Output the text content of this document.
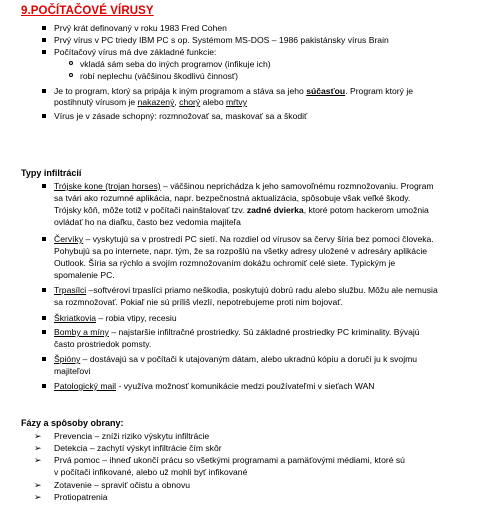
9.POČÍTAČOVÉ VÍRUSY
Prvý krát definovaný v roku 1983 Fred Cohen
Prvý vírus v PC triedy IBM PC s op. Systémom MS-DOS – 1986 pakistánsky vírus Brain
Počítačový vírus má dve základné funkcie:
vkladá sám seba do iných programov (infikuje ich)
robí neplechu (väčšinou škodlivú činnosť)
Je to program, ktorý sa pripája k iným programom a stáva sa jeho súčasťou. Program ktorý je
postihnutý vírusom je nakazený, chorý alebo mŕtvy
Vírus je v zásade schopný: rozmnožovať sa, maskovať sa a škodiť
Typy infiltrácií
Trójske kone (trojan horses) – väčšinou neprichádza k jeho samovoľnému rozmnožovaniu. Program
sa tvári ako rozumné aplikácia, napr. bezpečnostná aktualizácia, spôsobuje však veľké škody.
Trójsky kôň, môže totiž v počítači nainštalovať tzv. zadné dvierka, ktoré potom hackerom umožnia
ovládať ho na diaľku, často bez vedomia majiteľa
Červíky – vyskytujú sa v prostredí PC sietí. Na rozdiel od vírusov sa červy šíria bez pomoci človeka.
Pohybujú sa po internete, napr. tým, že sa rozpošlú na všetky adresy uložené v adresáry aplikácie
Outlook. Šíria sa rýchlo a svojím rozmnožovaním dokážu ochromiť celé siete. Typickým je
spomalenie PC.
Trpasílci –softvérovi trpaslíci priamo neškodia, poskytujú dobrú radu alebo službu. Môžu ale nemusia
sa rozmnožovať. Pokiaľ nie sú príliš vlezlí, nepotrebujeme proti nim bojovať.
Škriatkovia – robia vtipy, recesiu
Bomby a míny – najstaršie infiltračné prostriedky. Sú základné prostriedky PC kriminality. Bývajú
často prostriedok pomsty.
Špióny – dostávajú sa v počítači k utajovaným dátam, alebo ukradnú kópiu a doručí ju k svojmu
majiteľovi
Patologický mail - využíva možnosť komunikácie medzi používateľmi v sieťach WAN
Fázy a spôsoby obrany:
➢ Prevencia – zníži riziko výskytu infiltrácie
➢ Detekcia – zachytí výskyt infiltrácie čím skôr
➢ Prvá pomoc – ihneď ukončí prácu so všetkými programami a pamäťovými médiami, ktoré sú
v počítači infikované, alebo už mohli byť infikované
➢ Zotavenie – spraviť očistu a obnovu
➢ Protiopatrenia
